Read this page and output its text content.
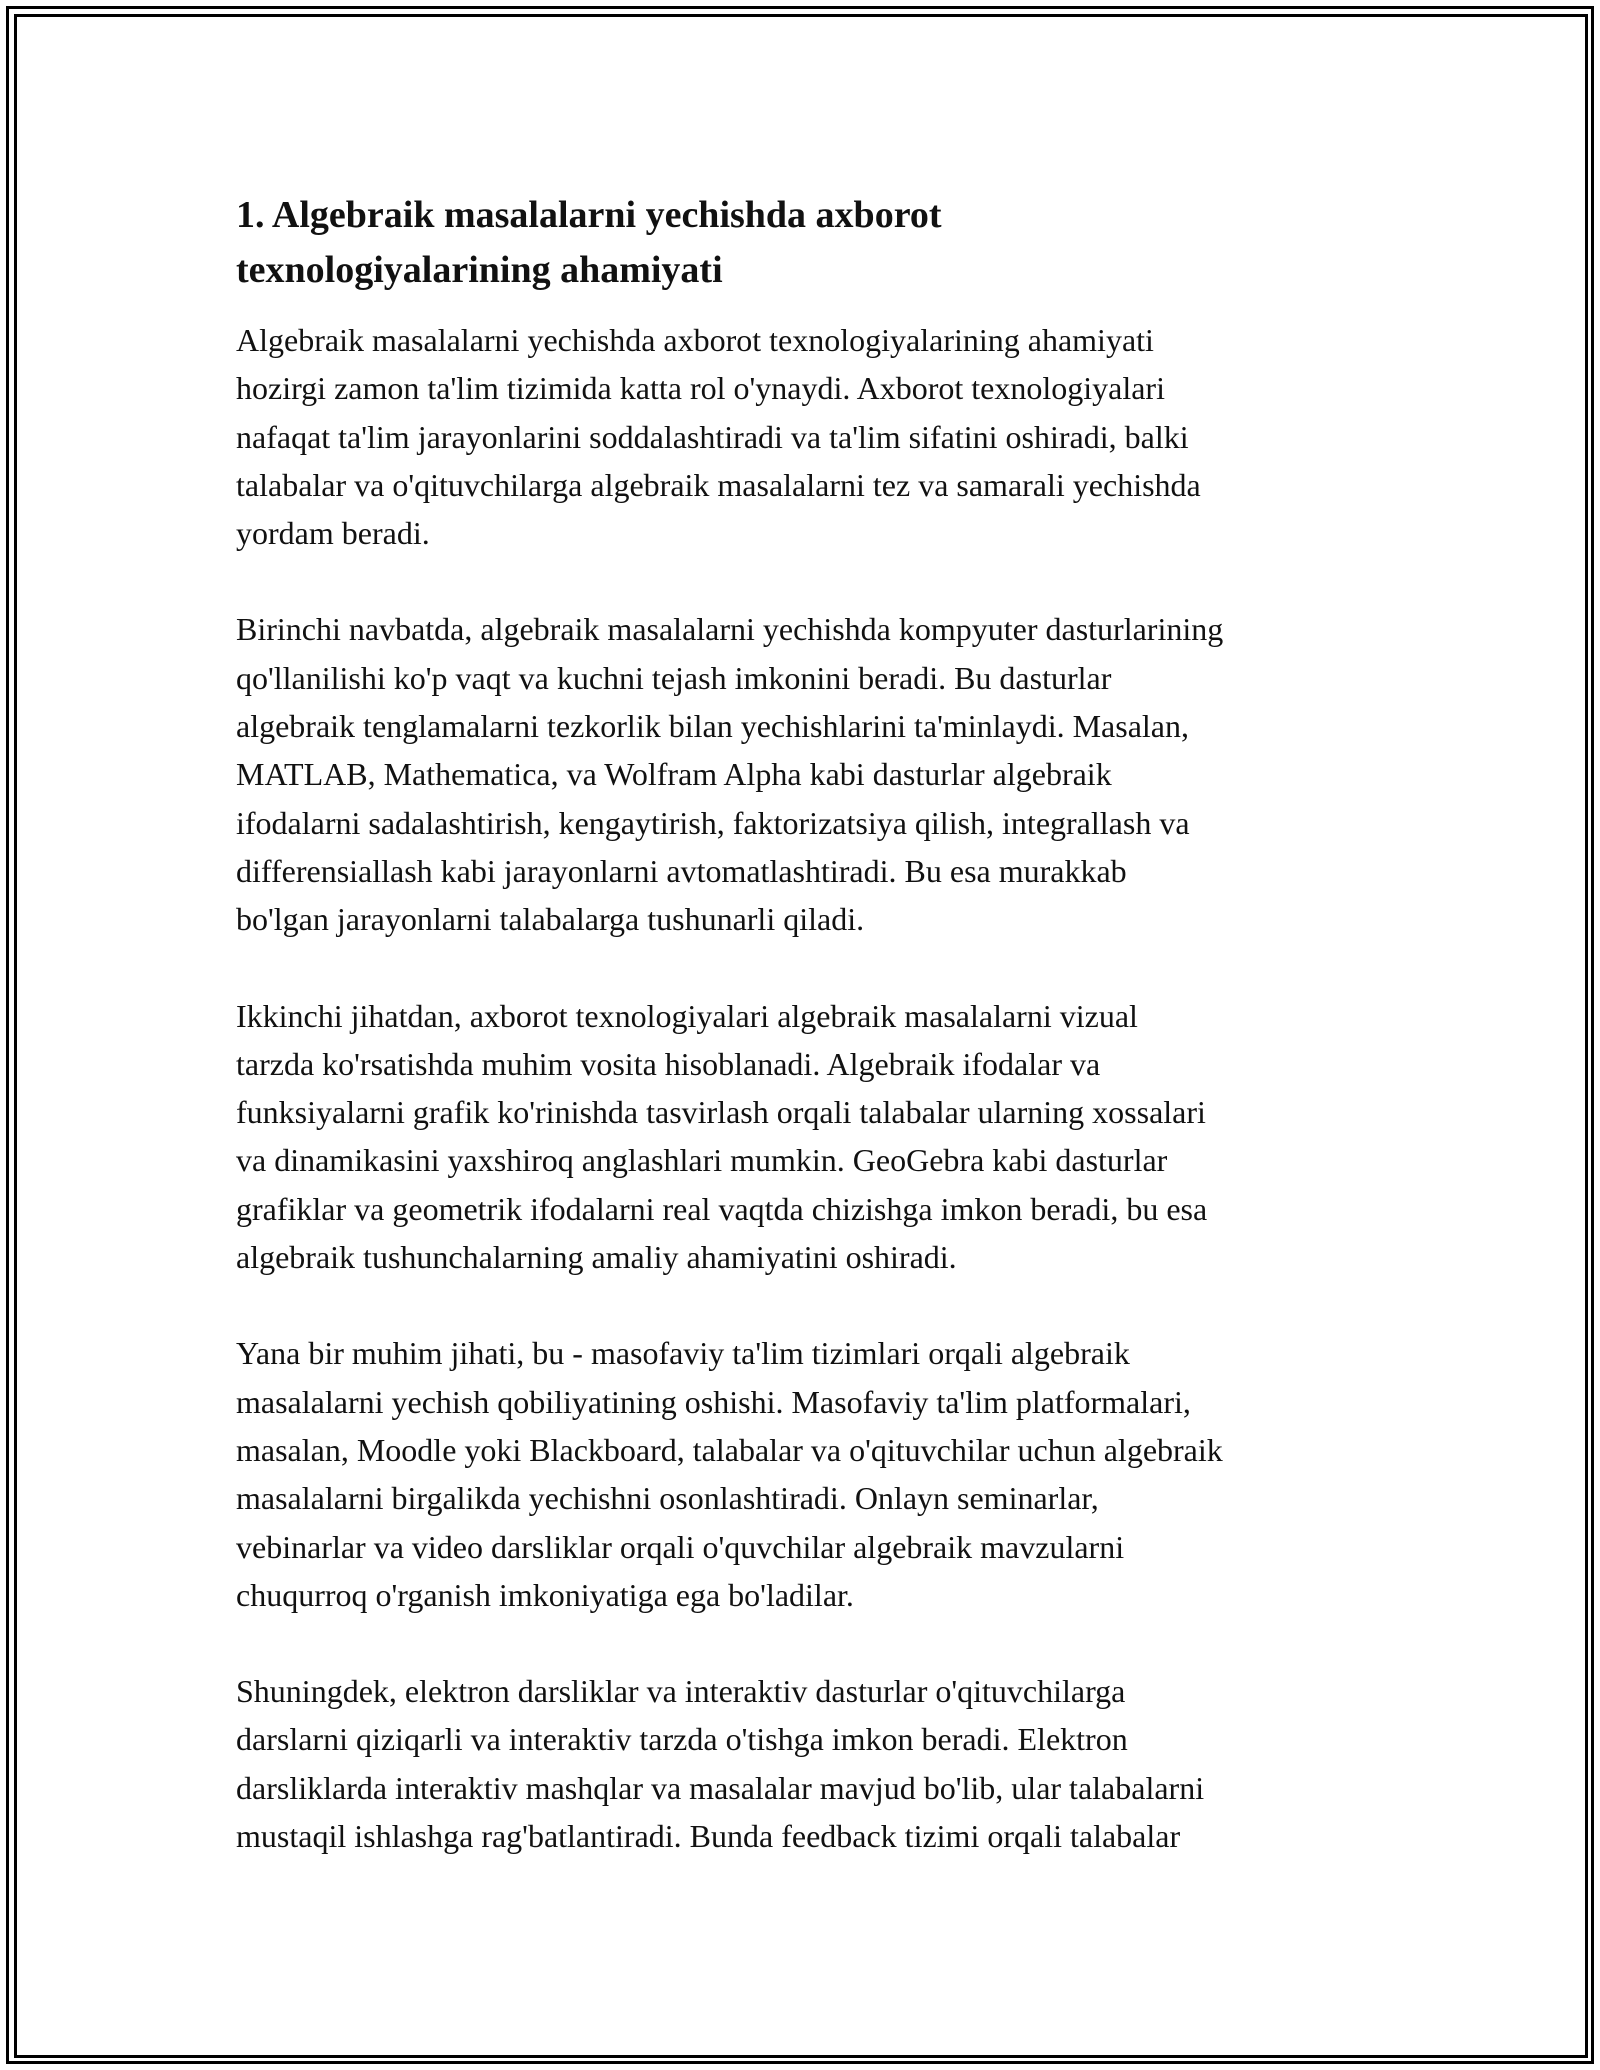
1. Algebraik masalalarni yechishda axborot
texnologiyalarining ahamiyati
Algebraik masalalarni yechishda axborot texnologiyalarining ahamiyati
hozirgi zamon ta'lim tizimida katta rol o'ynaydi. Axborot texnologiyalari
nafaqat ta'lim jarayonlarini soddalashtiradi va ta'lim sifatini oshiradi, balki
talabalar va o'qituvchilarga algebraik masalalarni tez va samarali yechishda
yordam beradi.
Birinchi navbatda, algebraik masalalarni yechishda kompyuter dasturlarining
qo'llanilishi ko'p vaqt va kuchni tejash imkonini beradi. Bu dasturlar
algebraik tenglamalarni tezkorlik bilan yechishlarini ta'minlaydi. Masalan,
MATLAB, Mathematica, va Wolfram Alpha kabi dasturlar algebraik
ifodalarni sadalashtirish, kengaytirish, faktorizatsiya qilish, integrallash va
differensiallash kabi jarayonlarni avtomatlashtiradi. Bu esa murakkab
bo'lgan jarayonlarni talabalarga tushunarli qiladi.
Ikkinchi jihatdan, axborot texnologiyalari algebraik masalalarni vizual
tarzda ko'rsatishda muhim vosita hisoblanadi. Algebraik ifodalar va
funksiyalarni grafik ko'rinishda tasvirlash orqali talabalar ularning xossalari
va dinamikasini yaxshiroq anglashlari mumkin. GeoGebra kabi dasturlar
grafiklar va geometrik ifodalarni real vaqtda chizishga imkon beradi, bu esa
algebraik tushunchalarning amaliy ahamiyatini oshiradi.
Yana bir muhim jihati, bu - masofaviy ta'lim tizimlari orqali algebraik
masalalarni yechish qobiliyatining oshishi. Masofaviy ta'lim platformalari,
masalan, Moodle yoki Blackboard, talabalar va o'qituvchilar uchun algebraik
masalalarni birgalikda yechishni osonlashtiradi. Onlayn seminarlar,
vebinarlar va video darsliklar orqali o'quvchilar algebraik mavzularni
chuqurroq o'rganish imkoniyatiga ega bo'ladilar.
Shuningdek, elektron darsliklar va interaktiv dasturlar o'qituvchilarga
darslarni qiziqarli va interaktiv tarzda o'tishga imkon beradi. Elektron
darsliklarda interaktiv mashqlar va masalalar mavjud bo'lib, ular talabalarni
mustaqil ishlashga rag'batlantiradi. Bunda feedback tizimi orqali talabalar
